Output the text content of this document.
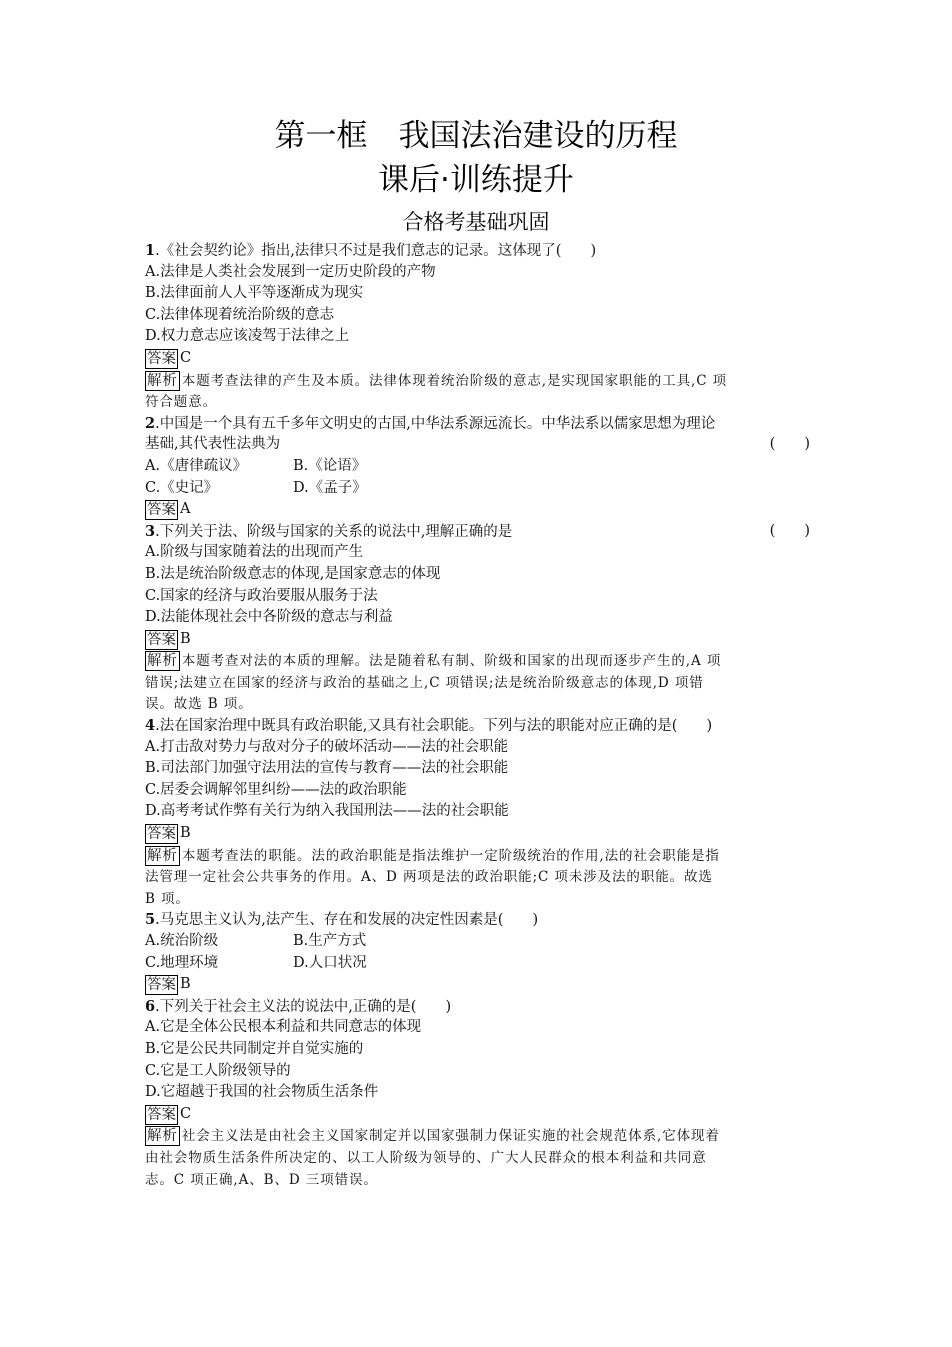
第一框　我国法治建设的历程
课后·训练提升
合格考基础巩固
1.《社会契约论》指出,法律只不过是我们意志的记录。这体现了(　　)
A.法律是人类社会发展到一定历史阶段的产物
B.法律面前人人平等逐渐成为现实
C.法律体现着统治阶级的意志
D.权力意志应该凌驾于法律之上
答案 C
解析 本题考查法律的产生及本质。法律体现着统治阶级的意志,是实现国家职能的工具,C 项
符合题意。
2.中国是一个具有五千多年文明史的古国,中华法系源远流长。中华法系以儒家思想为理论
基础,其代表性法典为	(　　)
A.《唐律疏议》	B.《论语》
C.《史记》	D.《孟子》
答案 A
3.下列关于法、阶级与国家的关系的说法中,理解正确的是	(　　)
A.阶级与国家随着法的出现而产生
B.法是统治阶级意志的体现,是国家意志的体现
C.国家的经济与政治要服从服务于法
D.法能体现社会中各阶级的意志与利益
答案 B
解析 本题考查对法的本质的理解。法是随着私有制、阶级和国家的出现而逐步产生的,A 项
错误;法建立在国家的经济与政治的基础之上,C 项错误;法是统治阶级意志的体现,D 项错
误。故选 B 项。
4.法在国家治理中既具有政治职能,又具有社会职能。下列与法的职能对应正确的是(　　)
A.打击敌对势力与敌对分子的破坏活动——法的社会职能
B.司法部门加强守法用法的宣传与教育——法的社会职能
C.居委会调解邻里纠纷——法的政治职能
D.高考考试作弊有关行为纳入我国刑法——法的社会职能
答案 B
解析 本题考查法的职能。法的政治职能是指法维护一定阶级统治的作用,法的社会职能是指
法管理一定社会公共事务的作用。A、D 两项是法的政治职能;C 项未涉及法的职能。故选
B 项。
5.马克思主义认为,法产生、存在和发展的决定性因素是(　　)
A.统治阶级	B.生产方式
C.地理环境	D.人口状况
答案 B
6.下列关于社会主义法的说法中,正确的是(　　)
A.它是全体公民根本利益和共同意志的体现
B.它是公民共同制定并自觉实施的
C.它是工人阶级领导的
D.它超越于我国的社会物质生活条件
答案 C
解析 社会主义法是由社会主义国家制定并以国家强制力保证实施的社会规范体系,它体现着
由社会物质生活条件所决定的、以工人阶级为领导的、广大人民群众的根本利益和共同意
志。C 项正确,A、B、D 三项错误。
